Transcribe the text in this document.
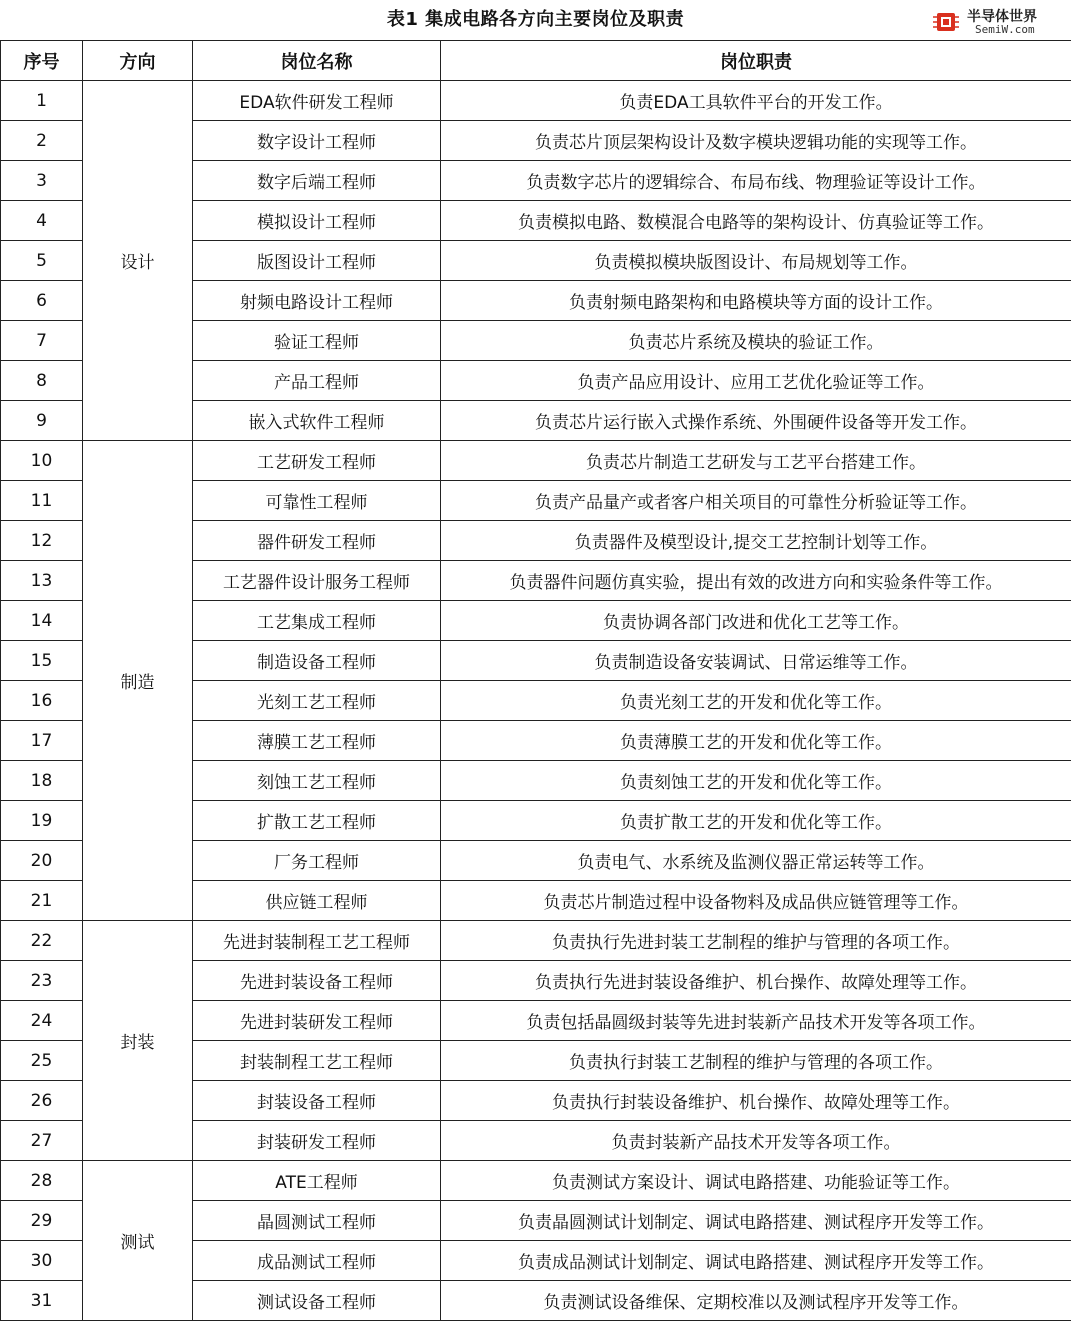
表1 集成电路各方向主要岗位及职责	半导体世界
SemiW.com
序号	方向	岗位名称	岗位职责
1	设计	EDA软件研发工程师	负责EDA工具软件平台的开发工作。
2		数字设计工程师	负责芯片顶层架构设计及数字模块逻辑功能的实现等工作。
3		数字后端工程师	负责数字芯片的逻辑综合、布局布线、物理验证等设计工作。
4		模拟设计工程师	负责模拟电路、数模混合电路等的架构设计、仿真验证等工作。
5		版图设计工程师	负责模拟模块版图设计、布局规划等工作。
6		射频电路设计工程师	负责射频电路架构和电路模块等方面的设计工作。
7		验证工程师	负责芯片系统及模块的验证工作。
8		产品工程师	负责产品应用设计、应用工艺优化验证等工作。
9		嵌入式软件工程师	负责芯片运行嵌入式操作系统、外围硬件设备等开发工作。
10	制造	工艺研发工程师	负责芯片制造工艺研发与工艺平台搭建工作。
11		可靠性工程师	负责产品量产或者客户相关项目的可靠性分析验证等工作。
12		器件研发工程师	负责器件及模型设计,提交工艺控制计划等工作。
13		工艺器件设计服务工程师	负责器件问题仿真实验，提出有效的改进方向和实验条件等工作。
14		工艺集成工程师	负责协调各部门改进和优化工艺等工作。
15		制造设备工程师	负责制造设备安装调试、日常运维等工作。
16		光刻工艺工程师	负责光刻工艺的开发和优化等工作。
17		薄膜工艺工程师	负责薄膜工艺的开发和优化等工作。
18		刻蚀工艺工程师	负责刻蚀工艺的开发和优化等工作。
19		扩散工艺工程师	负责扩散工艺的开发和优化等工作。
20		厂务工程师	负责电气、水系统及监测仪器正常运转等工作。
21		供应链工程师	负责芯片制造过程中设备物料及成品供应链管理等工作。
22	封装	先进封装制程工艺工程师	负责执行先进封装工艺制程的维护与管理的各项工作。
23		先进封装设备工程师	负责执行先进封装设备维护、机台操作、故障处理等工作。
24		先进封装研发工程师	负责包括晶圆级封装等先进封装新产品技术开发等各项工作。
25		封装制程工艺工程师	负责执行封装工艺制程的维护与管理的各项工作。
26		封装设备工程师	负责执行封装设备维护、机台操作、故障处理等工作。
27		封装研发工程师	负责封装新产品技术开发等各项工作。
28	测试	ATE工程师	负责测试方案设计、调试电路搭建、功能验证等工作。
29		晶圆测试工程师	负责晶圆测试计划制定、调试电路搭建、测试程序开发等工作。
30		成品测试工程师	负责成品测试计划制定、调试电路搭建、测试程序开发等工作。
31		测试设备工程师	负责测试设备维保、定期校准以及测试程序开发等工作。
